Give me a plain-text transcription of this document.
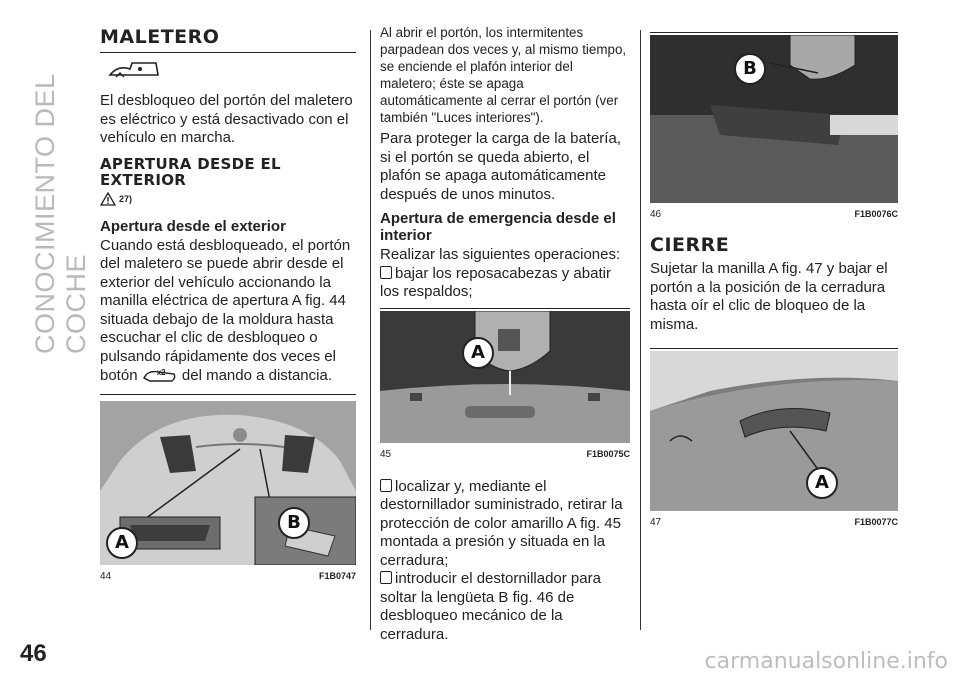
CONOCIMIENTO DEL COCHE
46	carmanualsonline.info
MALETERO

El desbloqueo del portón del maletero es eléctrico y está desactivado con el vehículo en marcha.

APERTURA DESDE EL EXTERIOR
27)
Apertura desde el exterior

Cuando está desbloqueado, el portón del maletero se puede abrir desde el exterior del vehículo accionando la manilla eléctrica de apertura A fig. 44 situada debajo de la moldura hasta escuchar el clic de desbloqueo o pulsando rápidamente dos veces el botón x2 del mando a distancia.

A
B
44	F1B0747

Al abrir el portón, los intermitentes parpadean dos veces y, al mismo tiempo, se enciende el plafón interior del maletero; éste se apaga automáticamente al cerrar el portón (ver también "Luces interiores").

Para proteger la carga de la batería, si el portón se queda abierto, el plafón se apaga automáticamente después de unos minutos.

Apertura de emergencia desde el interior

Realizar las siguientes operaciones:

bajar los reposacabezas y abatir los respaldos;

A
45	F1B0075C

localizar y, mediante el destornillador suministrado, retirar la protección de color amarillo A fig. 45 montada a presión y situada en la cerradura;

introducir el destornillador para soltar la lengüeta B fig. 46 de desbloqueo mecánico de la cerradura.

B
46	F1B0076C
CIERRE

Sujetar la manilla A fig. 47 y bajar el portón a la posición de la cerradura hasta oír el clic de bloqueo de la misma.

A
47	F1B0077C
